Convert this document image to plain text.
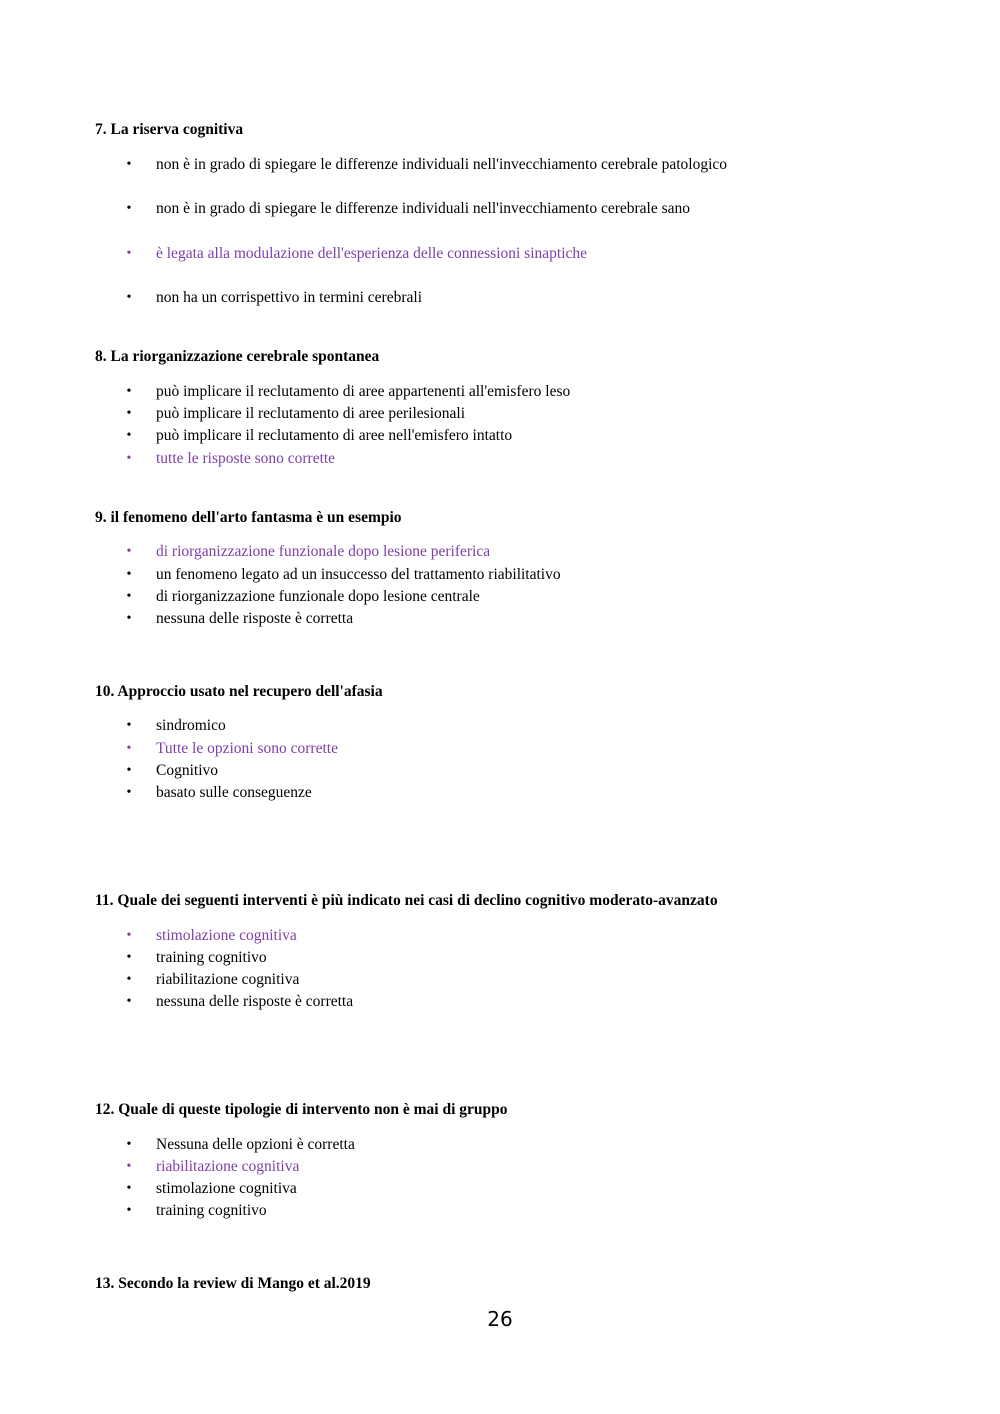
7. La riserva cognitiva
• non è in grado di spiegare le differenze individuali nell'invecchiamento cerebrale patologico
• non è in grado di spiegare le differenze individuali nell'invecchiamento cerebrale sano
• è legata alla modulazione dell'esperienza delle connessioni sinaptiche
• non ha un corrispettivo in termini cerebrali
8. La riorganizzazione cerebrale spontanea
• può implicare il reclutamento di aree appartenenti all'emisfero leso
• può implicare il reclutamento di aree perilesionali
• può implicare il reclutamento di aree nell'emisfero intatto
• tutte le risposte sono corrette
9. il fenomeno dell'arto fantasma è un esempio
• di riorganizzazione funzionale dopo lesione periferica
• un fenomeno legato ad un insuccesso del trattamento riabilitativo
• di riorganizzazione funzionale dopo lesione centrale
• nessuna delle risposte è corretta
10. Approccio usato nel recupero dell'afasia
• sindromico
• Tutte le opzioni sono corrette
• Cognitivo
• basato sulle conseguenze
11. Quale dei seguenti interventi è più indicato nei casi di declino cognitivo moderato-avanzato
• stimolazione cognitiva
• training cognitivo
• riabilitazione cognitiva
• nessuna delle risposte è corretta
12. Quale di queste tipologie di intervento non è mai di gruppo
• Nessuna delle opzioni è corretta
• riabilitazione cognitiva
• stimolazione cognitiva
• training cognitivo
13. Secondo la review di Mango et al.2019
26
